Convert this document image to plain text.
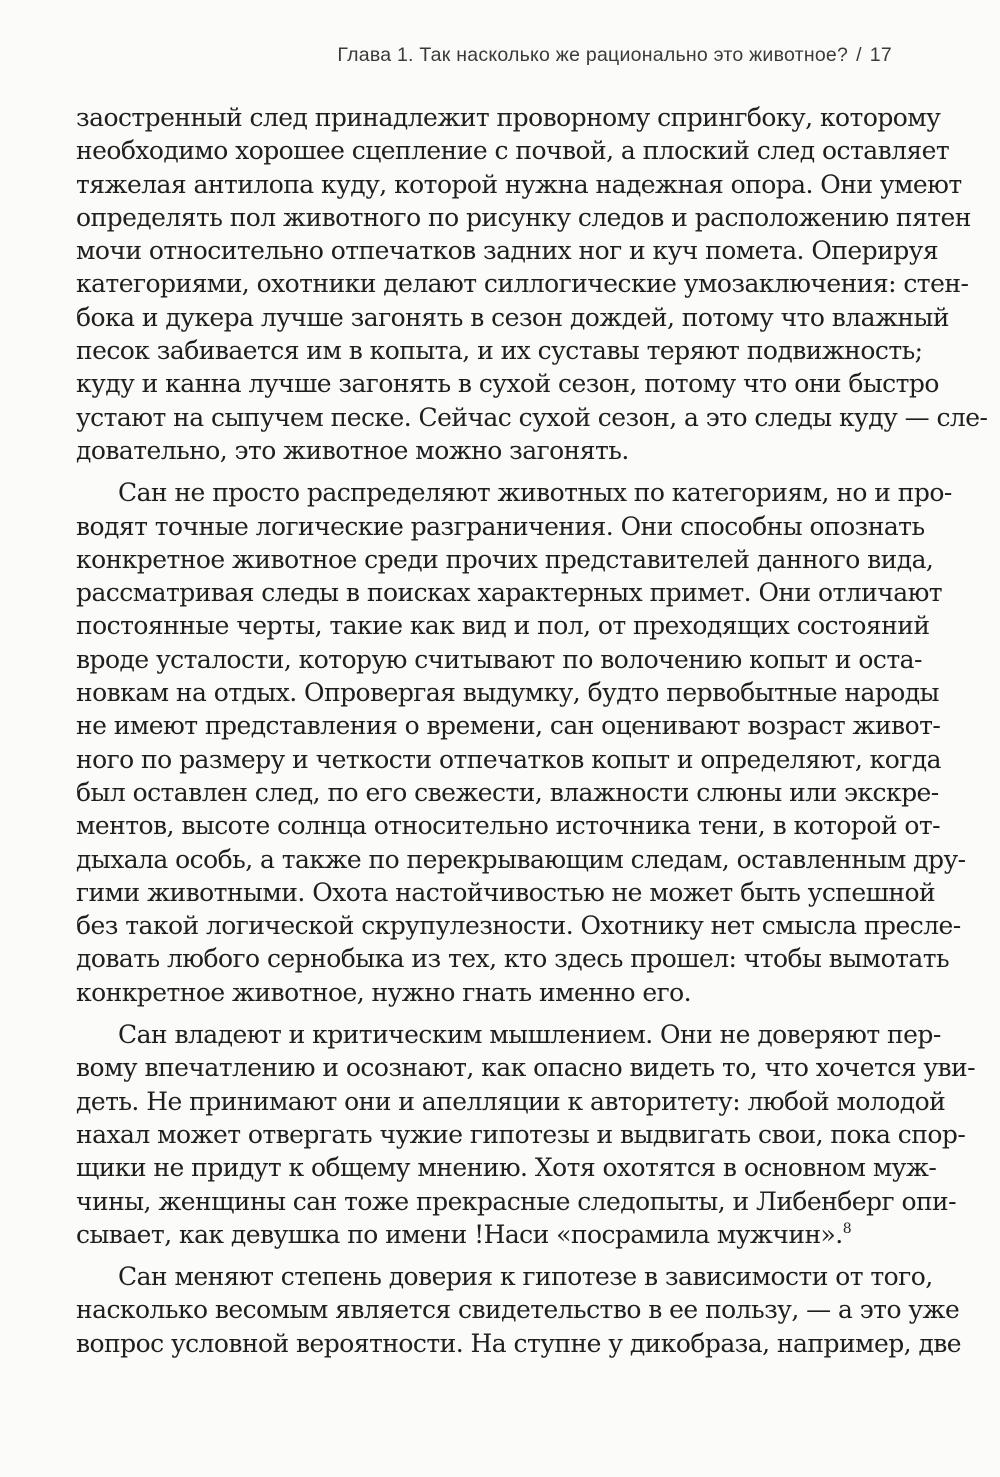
Глава 1. Так насколько же рационально это животное? / 17

заостренный след принадлежит проворному спрингбоку, которому
необходимо хорошее сцепление с почвой, а плоский след оставляет
тяжелая антилопа куду, которой нужна надежная опора. Они умеют
определять пол животного по рисунку следов и расположению пятен
мочи относительно отпечатков задних ног и куч помета. Оперируя
категориями, охотники делают силлогические умозаключения: стен-
бока и дукера лучше загонять в сезон дождей, потому что влажный
песок забивается им в копыта, и их суставы теряют подвижность;
куду и канна лучше загонять в сухой сезон, потому что они быстро
устают на сыпучем песке. Сейчас сухой сезон, а это следы куду — сле-
довательно, это животное можно загонять.

Сан не просто распределяют животных по категориям, но и про-
водят точные логические разграничения. Они способны опознать
конкретное животное среди прочих представителей данного вида,
рассматривая следы в поисках характерных примет. Они отличают
постоянные черты, такие как вид и пол, от преходящих состояний
вроде усталости, которую считывают по волочению копыт и оста-
новкам на отдых. Опровергая выдумку, будто первобытные народы
не имеют представления о времени, сан оценивают возраст живот-
ного по размеру и четкости отпечатков копыт и определяют, когда
был оставлен след, по его свежести, влажности слюны или экскре-
ментов, высоте солнца относительно источника тени, в которой от-
дыхала особь, а также по перекрывающим следам, оставленным дру-
гими животными. Охота настойчивостью не может быть успешной
без такой логической скрупулезности. Охотнику нет смысла пресле-
довать любого сернобыка из тех, кто здесь прошел: чтобы вымотать
конкретное животное, нужно гнать именно его.

Сан владеют и критическим мышлением. Они не доверяют пер-
вому впечатлению и осознают, как опасно видеть то, что хочется уви-
деть. Не принимают они и апелляции к авторитету: любой молодой
нахал может отвергать чужие гипотезы и выдвигать свои, пока спор-
щики не придут к общему мнению. Хотя охотятся в основном муж-
чины, женщины сан тоже прекрасные следопыты, и Либенберг опи-
сывает, как девушка по имени !Наси «посрамила мужчин».$^8$

Сан меняют степень доверия к гипотезе в зависимости от того,
насколько весомым является свидетельство в ее пользу, — а это уже
вопрос условной вероятности. На ступне у дикобраза, например, две
